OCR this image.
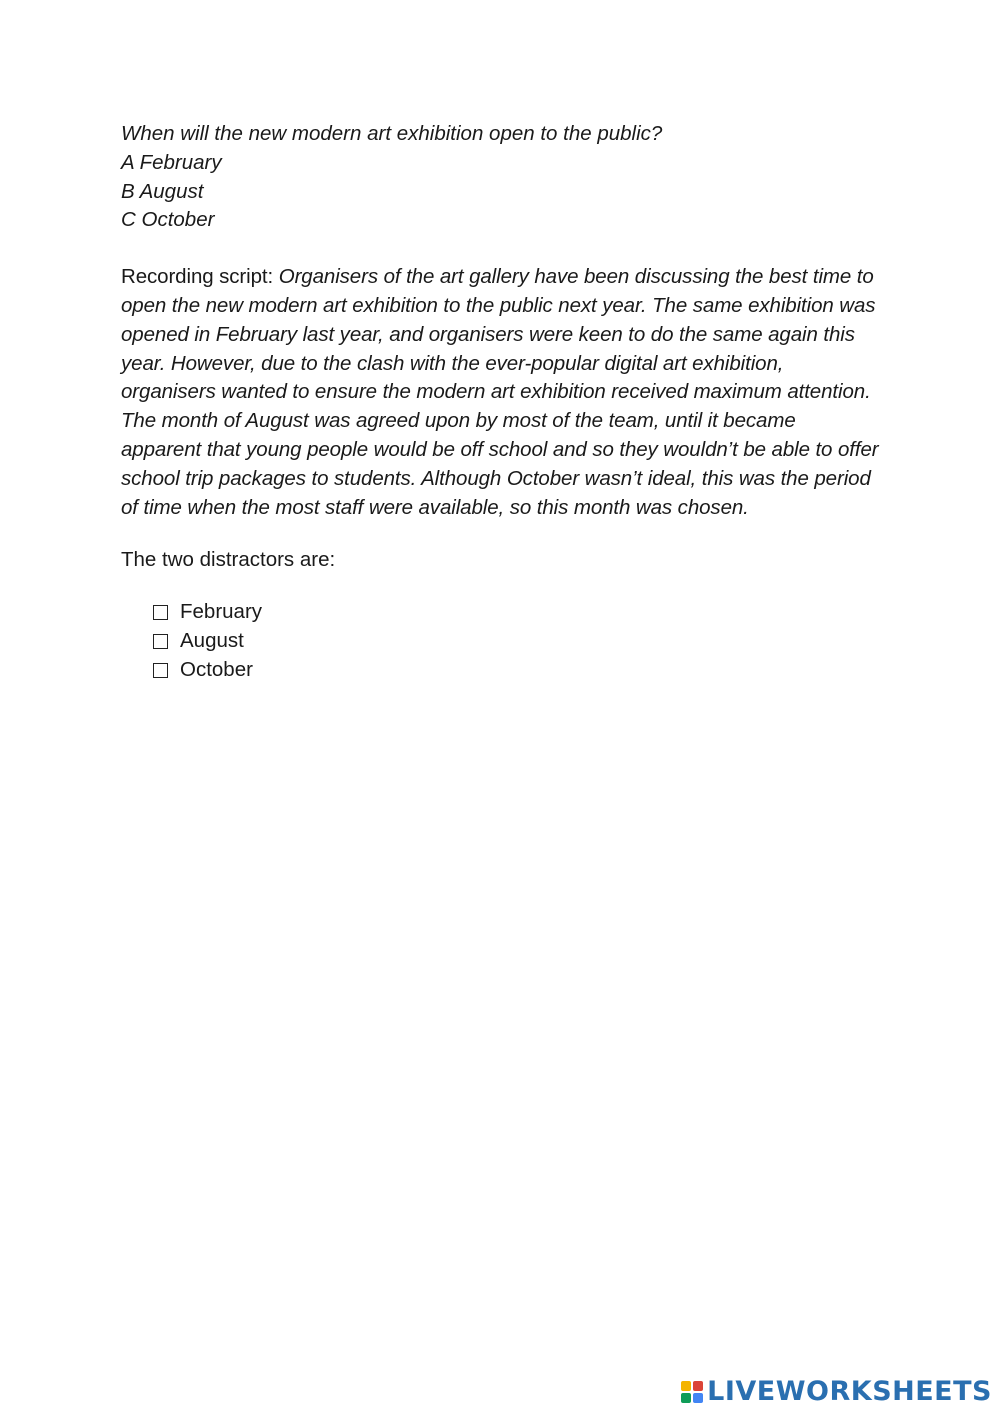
When will the new modern art exhibition open to the public?

A February
B August
C October

Recording script: Organisers of the art gallery have been discussing the best time to open the new modern art exhibition to the public next year. The same exhibition was opened in February last year, and organisers were keen to do the same again this year. However, due to the clash with the ever-popular digital art exhibition, organisers wanted to ensure the modern art exhibition received maximum attention. The month of August was agreed upon by most of the team, until it became apparent that young people would be off school and so they wouldn’t be able to offer school trip packages to students. Although October wasn’t ideal, this was the period of time when the most staff were available, so this month was chosen.

The two distractors are:

February
August
October
LIVEWORKSHEETS
